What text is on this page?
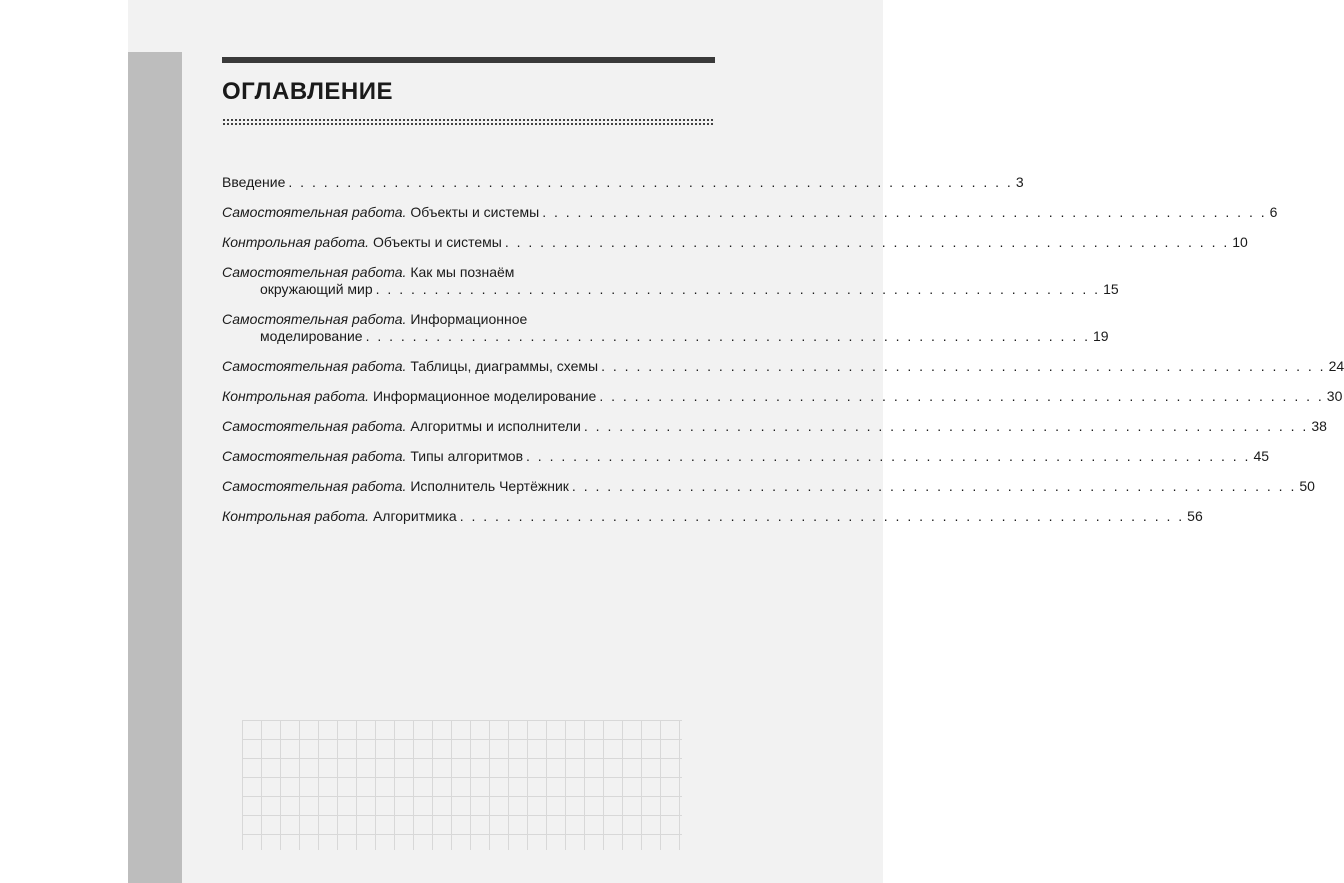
ОГЛАВЛЕНИЕ
Введение . . . . . . . . . . . . . . . . . . . . . . . . . . . . . . . . . . . . . . . . . . . . . . . . . . . . . . . . . . . . . . 3
Самостоятельная работа. Объекты и системы . . . . . . . . . . . . . . . . . . . . . . . . . . . . . . . . . . . . . . . . . . . . . . . . . . . . . . . . . . . . . . 6
Контрольная работа. Объекты и системы . . . . . . . . . . . . . . . . . . . . . . . . . . . . . . . . . . . . . . . . . . . . . . . . . . . . . . . . . . . . . . 10
Самостоятельная работа. Как мы познаём
окружающий мир . . . . . . . . . . . . . . . . . . . . . . . . . . . . . . . . . . . . . . . . . . . . . . . . . . . . . . . . . . . . . . 15
Самостоятельная работа. Информационное
моделирование . . . . . . . . . . . . . . . . . . . . . . . . . . . . . . . . . . . . . . . . . . . . . . . . . . . . . . . . . . . . . . 19
Самостоятельная работа. Таблицы, диаграммы, схемы . . . . . . . . . . . . . . . . . . . . . . . . . . . . . . . . . . . . . . . . . . . . . . . . . . . . . . . . . . . . . . 24
Контрольная работа. Информационное моделирование . . . . . . . . . . . . . . . . . . . . . . . . . . . . . . . . . . . . . . . . . . . . . . . . . . . . . . . . . . . . . . 30
Самостоятельная работа. Алгоритмы и исполнители . . . . . . . . . . . . . . . . . . . . . . . . . . . . . . . . . . . . . . . . . . . . . . . . . . . . . . . . . . . . . . 38
Самостоятельная работа. Типы алгоритмов . . . . . . . . . . . . . . . . . . . . . . . . . . . . . . . . . . . . . . . . . . . . . . . . . . . . . . . . . . . . . . 45
Самостоятельная работа. Исполнитель Чертёжник . . . . . . . . . . . . . . . . . . . . . . . . . . . . . . . . . . . . . . . . . . . . . . . . . . . . . . . . . . . . . . 50
Контрольная работа. Алгоритмика . . . . . . . . . . . . . . . . . . . . . . . . . . . . . . . . . . . . . . . . . . . . . . . . . . . . . . . . . . . . . . 56
